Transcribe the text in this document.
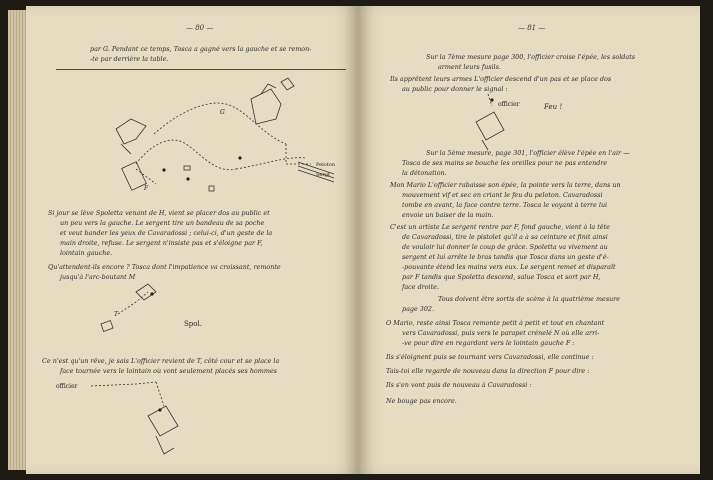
— 80 —
par G. Pendant ce temps, Tosca a gagné vers la gauche et se remon-
-te par derrière la table.
F
G
Peloton
Sergt
Si jour se lève Spoletta venant de H, vient se placer dos au public et
un peu vers la gauche. Le sergent tire un bandeau de sa poche
et veut bander les yeux de Cavaradossi ; celui-ci, d'un geste de la
main droite, refuse. Le sergent n'insiste pas et s'éloigne par F,
lointain gauche.
Qu'attendent-ils encore ? Tosca dont l'impatience va croissant, remonte
jusqu'à l'arc-boutant M
T
Spol.
Ce n'est qu'un rêve, je sais L'officier revient de T, côté cour et se place la
face tournée vers le lointain où vont seulement placés ses hommes
officier
— 81 —
Sur la 7ème mesure page 300, l'officier croise l'épée, les soldats
arment leurs fusils.
Ils apprêtent leurs armes L'officier descend d'un pas et se place dos
au public pour donner le signal :
officier	Feu !
Sur la 5ème mesure, page 301, l'officier élève l'épée en l'air —
Tosca de ses mains se bouche les oreilles pour ne pas entendre
la détonation.
Mon Mario L'officier rabaisse son épée, la pointe vers la terre, dans un
mouvement vif et sec en criant le feu du peloton. Cavaradossi
tombe en avant, la face contre terre. Tosca le voyant à terre lui
envoie un baiser de la main.
C'est un artiste Le sergent rentre par F, fond gauche, vient à la tête
de Cavaradossi, tire le pistolet qu'il a à sa ceinture et finit ainsi
de vouloir lui donner le coup de grâce. Spoletta va vivement au
sergent et lui arrête le bras tandis que Tosca dans un geste d'é-
-pouvante étend les mains vers eux. Le sergent remet et disparaît
par F tandis que Spoletta descend, salue Tosca et sort par H,
face droite.
Tous doivent être sortis de scène à la quatrième mesure
page 302.
O Mario, reste ainsi Tosca remonte petit à petit et tout en chantant
vers Cavaradossi, puis vers le parapet crénelé N où elle arri-
-ve pour dire en regardant vers le lointain gauche F :
Ils s'éloignent puis se tournant vers Cavaradossi, elle continue :
Tais-toi elle regarde de nouveau dans la direction F pour dire :
Ils s'en vont puis de nouveau à Cavaradossi :
Ne bouge pas encore.
